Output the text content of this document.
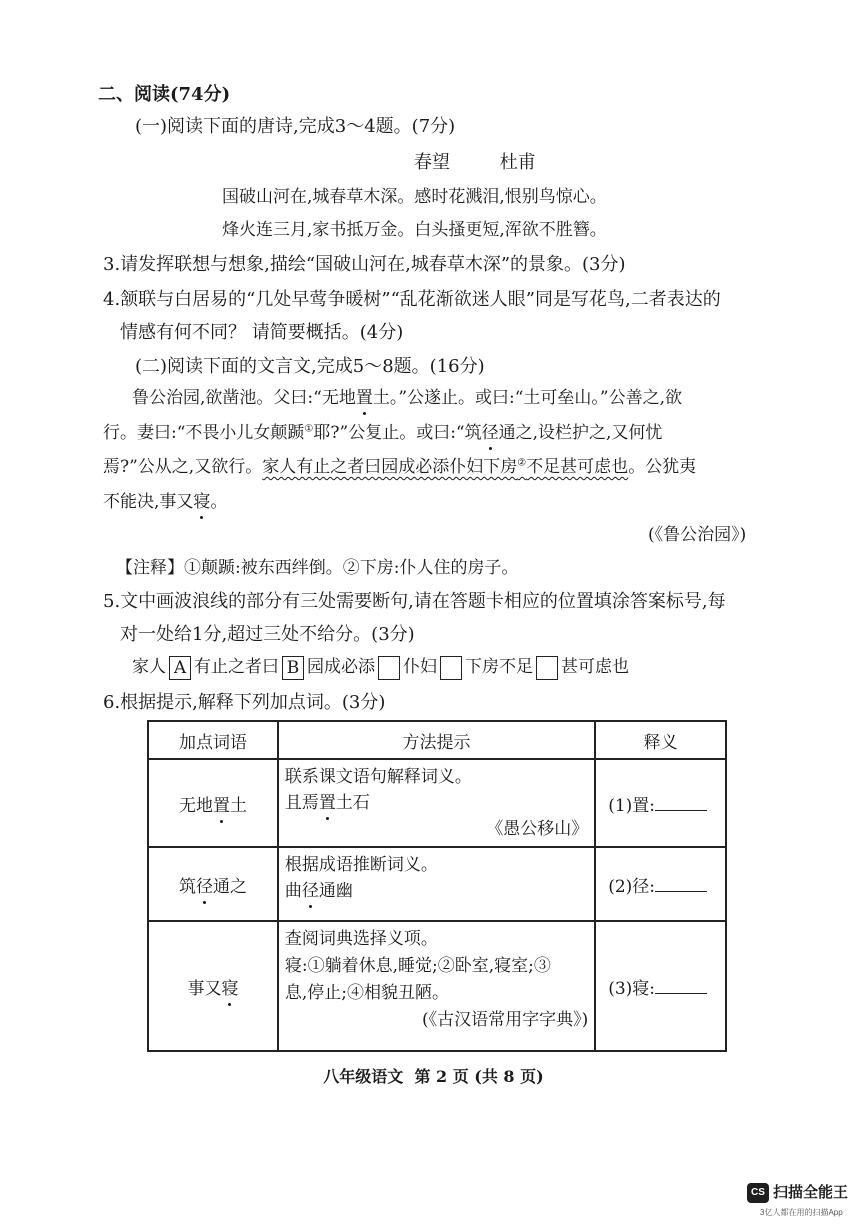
二、阅读(74分)
(一)阅读下面的唐诗,完成3～4题。(7分)
春望	杜甫
国破山河在,城春草木深。感时花溅泪,恨别鸟惊心。
烽火连三月,家书抵万金。白头搔更短,浑欲不胜簪。
3.请发挥联想与想象,描绘“国破山河在,城春草木深”的景象。(3分)
4.颔联与白居易的“几处早莺争暖树”“乱花渐欲迷人眼”同是写花鸟,二者表达的
情感有何不同？ 请简要概括。(4分)
(二)阅读下面的文言文,完成5～8题。(16分)
鲁公治园,欲凿池。父曰:“无地置土。”公遂止。或曰:“土可垒山。”公善之,欲
行。妻曰:“不畏小儿女颠踬①耶?”公复止。或曰:“筑径通之,设栏护之,又何忧
焉?”公从之,又欲行。家人有止之者曰园成必添仆妇下房②不足甚可虑也。公犹夷
不能决,事又寝。
(《鲁公治园》)
【注释】①颠踬:被东西绊倒。②下房:仆人住的房子。
5.文中画波浪线的部分有三处需要断句,请在答题卡相应的位置填涂答案标号,每
对一处给1分,超过三处不给分。(3分)
家人 A 有止之者曰 B 园成必添 仆妇 下房不足 甚可虑也
6.根据提示,解释下列加点词。(3分)
加点词语	方法提示	释义
无地置土	联系课文语句解释词义。
且焉置土石
《愚公移山》	(1)置:
筑径通之	根据成语推断词义。
曲径通幽	(2)径:
事又寝	查阅词典选择义项。
寝:①躺着休息,睡觉;②卧室,寝室;③
息,停止;④相貌丑陋。
(《古汉语常用字字典》)	(3)寝:
八年级语文  第 2 页 (共 8 页)
CS 扫描全能王
3亿人都在用的扫描App
